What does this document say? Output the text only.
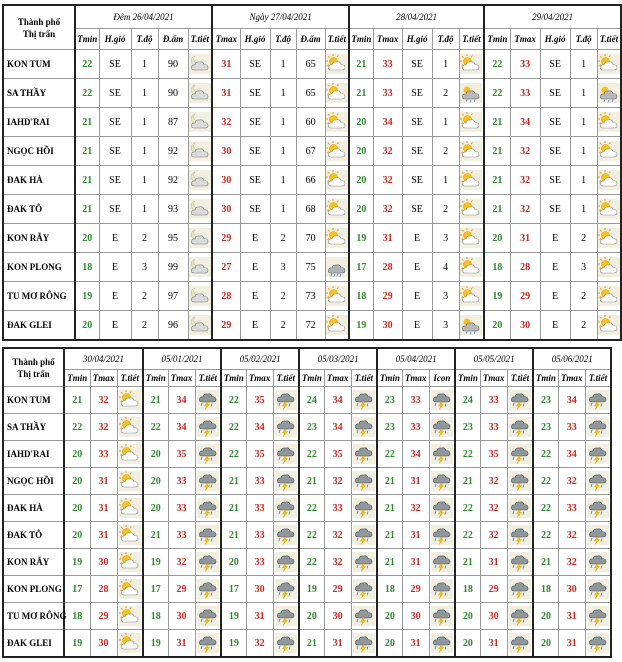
Thành phố
Thị trấn	Đêm 26/04/2021					Ngày 27/04/2021					28/04/2021					29/04/2021				
	Tmin	H.gió	T.độ	Đ.ẩm	T.tiết	Tmax	H.gió	T.độ	Đ.ẩm	T.tiết	Tmin	Tmax	H.gió	T.độ	T.tiết	Tmin	Tmax	H.gió	T.độ	T.tiết
KON TUM	22	SE	1	90		31	SE	1	65		21	33	SE	1		22	33	SE	1	

SA THẦY	22	SE	1	90		31	SE	1	65		21	33	SE	2		22	33	SE	1	

IAHD'RAI	21	SE	1	87		32	SE	1	60		20	34	SE	1		21	34	SE	1	

NGỌC HỒI	21	SE	1	92		30	SE	1	67		20	32	SE	2		21	32	SE	1	

ĐAK HÀ	21	SE	1	92		30	SE	1	66		20	32	SE	1		21	32	SE	1	

ĐAK TÔ	21	SE	1	93		30	SE	1	68		20	32	SE	2		21	32	SE	1	

KON RẪY	20	E	2	95		29	E	2	70		19	31	E	3		20	31	E	2	

KON PLONG	18	E	3	99		27	E	3	75		17	28	E	4		18	28	E	3	

TU MƠ RÔNG	19	E	2	97		28	E	2	73		18	29	E	3		19	29	E	2	

ĐAK GLEI	20	E	2	96		29	E	2	72		19	30	E	3		20	30	E	2	
Thành phố
Thị trấn	30/04/2021			05/01/2021			05/02/2021			05/03/2021			05/04/2021			05/05/2021			05/06/2021		
	Tmin	Tmax	T.tiết	Tmin	Tmax	T.tiết	Tmin	Tmax	T.tiết	Tmin	Tmax	T.tiết	Tmin	Tmax	Icon	Tmin	Tmax	T.tiết	Tmin	Tmax	T.tiết
KON TUM	21	32		21	34		22	35		24	34		23	33		24	33		23	34	

SA THẦY	22	32		22	34		22	34		23	34		23	33		23	33		23	33	

IAHD'RAI	20	33		20	35		22	35		22	35		22	34		22	35		22	34	

NGỌC HỒI	20	31		20	33		21	33		21	32		21	31		21	32		22	32	

ĐAK HÀ	20	31		20	33		21	33		22	33		21	32		22	32		22	33	

ĐAK TÔ	20	31		21	33		21	33		22	32		21	31		22	32		22	32	

KON RẪY	19	30		19	32		20	33		22	32		21	31		21	31		21	32	

KON PLONG	17	28		17	29		17	30		19	29		18	29		18	29		18	30	

TU MƠ RÔNG	18	29		18	30		19	31		20	30		20	30		20	30		20	31	

ĐAK GLEI	19	30		19	31		19	32		21	31		20	31		20	31		20	31	
